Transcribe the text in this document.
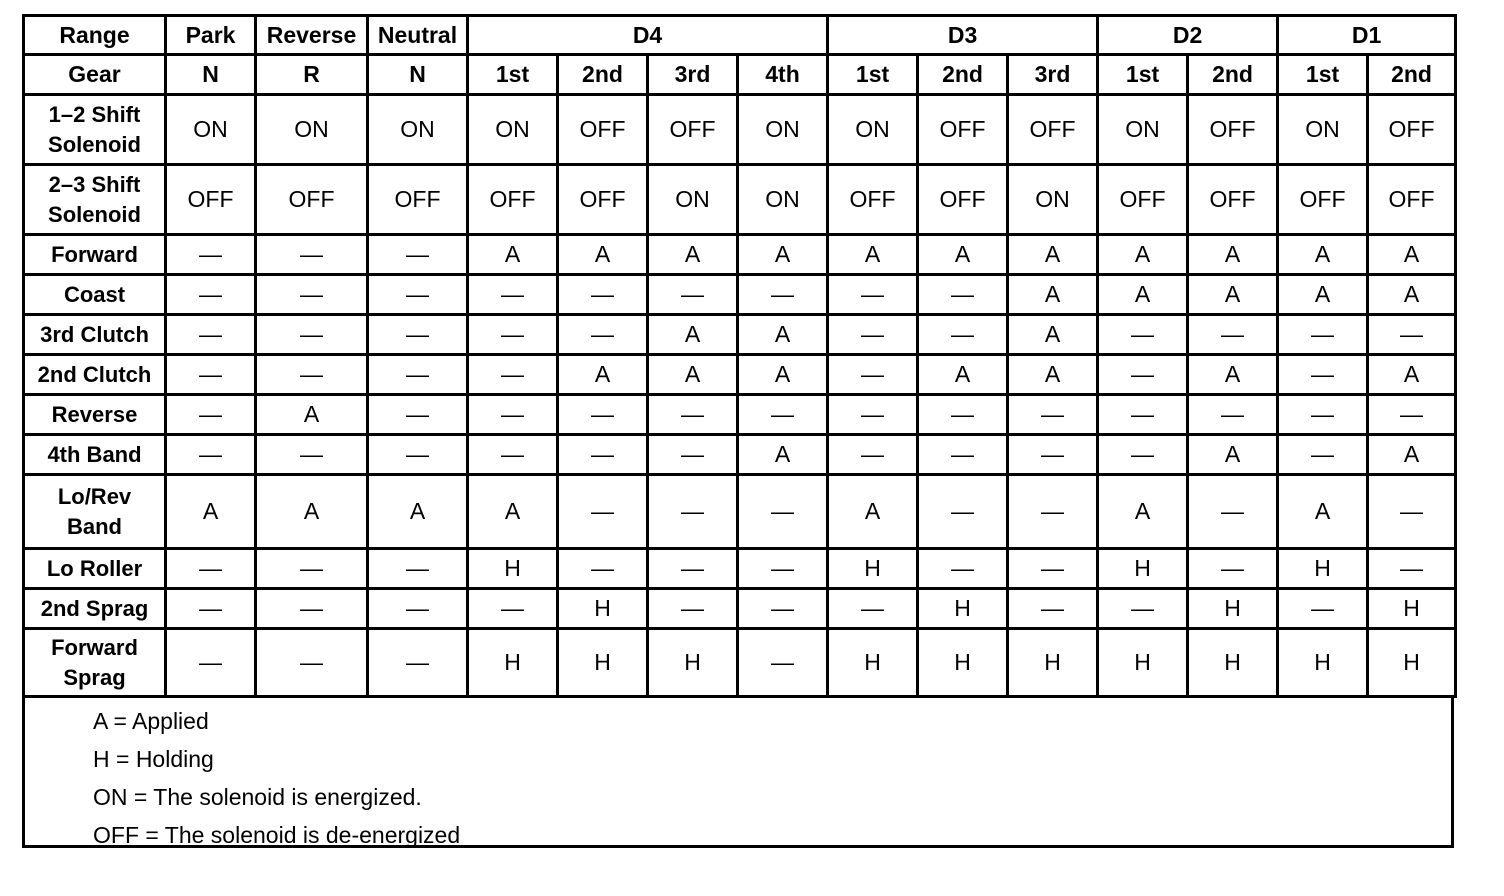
Range	Park	Reverse	Neutral	D4				D3			D2		D1	
Gear	N	R	N	1st	2nd	3rd	4th	1st	2nd	3rd	1st	2nd	1st	2nd
1–2 Shift
Solenoid	ON	ON	ON	ON	OFF	OFF	ON	ON	OFF	OFF	ON	OFF	ON	OFF
2–3 Shift
Solenoid	OFF	OFF	OFF	OFF	OFF	ON	ON	OFF	OFF	ON	OFF	OFF	OFF	OFF
Forward	—	—	—	A	A	A	A	A	A	A	A	A	A	A
Coast	—	—	—	—	—	—	—	—	—	A	A	A	A	A
3rd Clutch	—	—	—	—	—	A	A	—	—	A	—	—	—	—
2nd Clutch	—	—	—	—	A	A	A	—	A	A	—	A	—	A
Reverse	—	A	—	—	—	—	—	—	—	—	—	—	—	—
4th Band	—	—	—	—	—	—	A	—	—	—	—	A	—	A
Lo/Rev
Band	A	A	A	A	—	—	—	A	—	—	A	—	A	—
Lo Roller	—	—	—	H	—	—	—	H	—	—	H	—	H	—
2nd Sprag	—	—	—	—	H	—	—	—	H	—	—	H	—	H
Forward
Sprag	—	—	—	H	H	H	—	H	H	H	H	H	H	H
A = Applied
H = Holding
ON = The solenoid is energized.
OFF = The solenoid is de-energized
